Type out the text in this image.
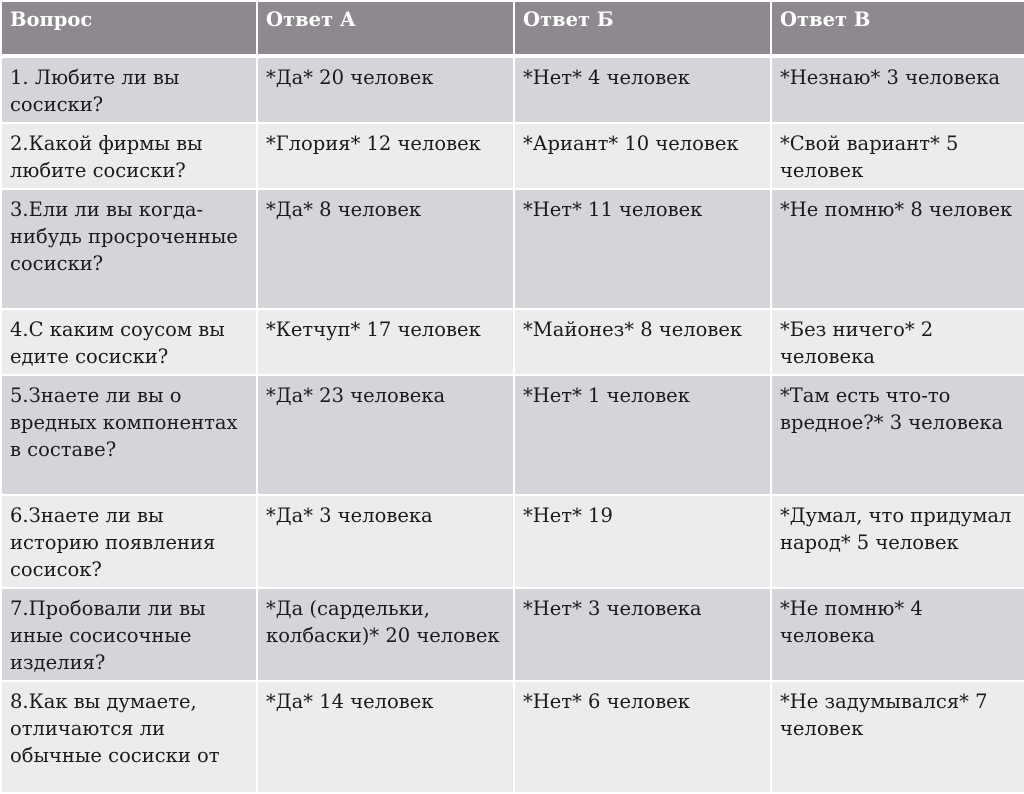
Вопрос	Ответ А	Ответ Б	Ответ В
1. Любите ли вы сосиски?	*Да* 20 человек	*Нет* 4 человек	*Незнаю* 3 человека
2.Какой фирмы вы любите сосиски?	*Глория* 12 человек	*Ариант* 10 человек	*Свой вариант* 5 человек
3.Ели ли вы когда-нибудь просроченные сосиски?	*Да* 8 человек	*Нет* 11 человек	*Не помню* 8 человек
4.С каким соусом вы едите сосиски?	*Кетчуп* 17 человек	*Майонез* 8 человек	*Без ничего* 2 человека
5.Знаете ли вы о вредных компонентах в составе?	*Да* 23 человека	*Нет* 1 человек	*Там есть что-то вредное?* 3 человека
6.Знаете ли вы историю появления сосисок?	*Да* 3 человека	*Нет* 19	*Думал, что придумал народ* 5 человек
7.Пробовали ли вы иные сосисочные изделия?	*Да (сардельки, колбаски)* 20 человек	*Нет* 3 человека	*Не помню* 4 человека
8.Как вы думаете, отличаются ли обычные сосиски от	*Да* 14 человек	*Нет* 6 человек	*Не задумывался* 7 человек
